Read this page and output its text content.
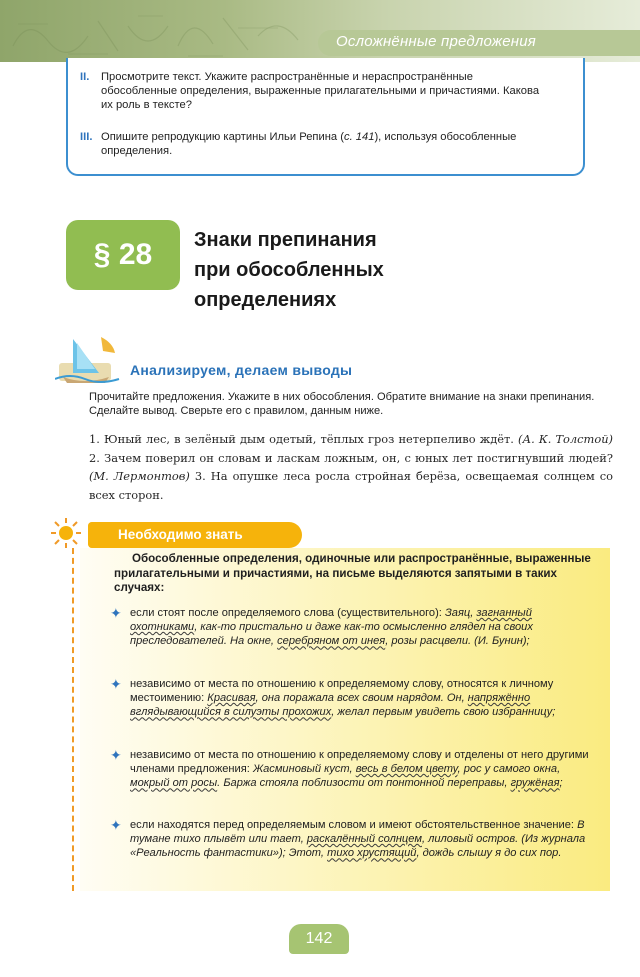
Осложнённые предложения
II. Просмотрите текст. Укажите распространённые и нераспространённые обособленные определения, выраженные прилагательными и причастиями. Какова их роль в тексте?
III. Опишите репродукцию картины Ильи Репина (с. 141), используя обособленные определения.
§ 28	Знаки препинания
при обособленных
определениях
Анализируем, делаем выводы
Прочитайте предложения. Укажите в них обособления. Обратите внимание на знаки препинания. Сделайте вывод. Сверьте его с правилом, данным ниже.
1. Юный лес, в зелёный дым одетый, тёплых гроз нетерпеливо ждёт. (А. К. Толстой) 2. Зачем поверил он словам и ласкам ложным, он, с юных лет постигнувший людей? (М. Лермонтов) 3. На опушке леса росла стройная берёза, освещаемая солнцем со всех сторон.
Необходимо знать
Обособленные определения, одиночные или распространённые, выраженные прилагательными и причастиями, на письме выделяются запятыми в таких случаях:
✦ если стоят после определяемого слова (существительного): Заяц, загнанный охотниками, как-то пристально и даже как-то осмысленно глядел на своих преследователей. На окне, серебряном от инея, розы расцвели. (И. Бунин);
✦ независимо от места по отношению к определяемому слову, относятся к личному местоимению: Красивая, она поражала всех своим нарядом. Он, напряжённо вглядывающийся в силуэты прохожих, желал первым увидеть свою избранницу;
✦ независимо от места по отношению к определяемому слову и отделены от него другими членами предложения: Жасминовый куст, весь в белом цвету, рос у самого окна, мокрый от росы. Баржа стояла поблизости от понтонной переправы, гружёная;
✦ если находятся перед определяемым словом и имеют обстоятельственное значение: В тумане тихо плывёт или тает, раскалённый солнцем, лиловый остров. (Из журнала «Реальность фантастики»); Этот, тихо хрустящий, дождь слышу я до сих пор.
142
